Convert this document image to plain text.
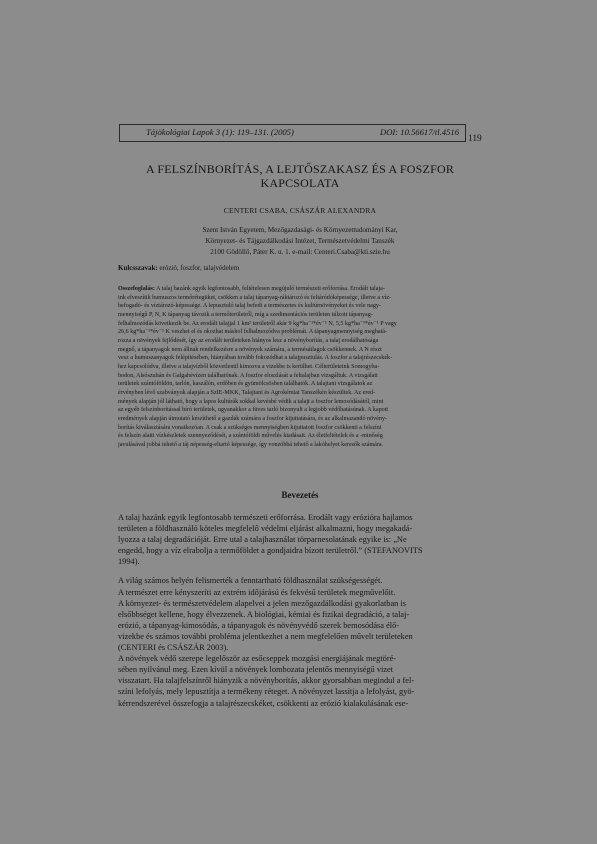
Tájökológiai Lapok 3 (1): 119–131. (2005)	DOI: 10.56617/tl.4516
119
A FELSZÍNBORÍTÁS, A LEJTŐSZAKASZ ÉS A FOSZFOR
KAPCSOLATA
CENTERI CSABA, CSÁSZÁR ALEXANDRA
Szent István Egyetem, Mezőgazdasági- és Környezettudományi Kar,
Környezet- és Tájgazdálkodási Intézet, Természetvédelmi Tanszék
2100 Gödöllő, Páter K. u. 1. e-mail: Centeri.Csaba@kti.szie.hu
Kulcsszavak: erózió, foszfor, talajvédelem
Összefoglalás: A talaj hazánk egyik legfontosabb, feltételesen megújuló természeti erőforrása. Erodált talaja-
ink elveszítik humuszos termőrétegüket, csökken a talaj tápanyag-ráktározó és feltáródóképessége, illetve a víz-
befogadó- és víztározó-képessége. A lepusztuló talaj befedi a természetes és kultúrnövényeket és vele nagy-
mennyiségű P, N, K tápanyag távozik a termőterületről, míg a szedimentációs területen túlzott tápanyag-
felhalmozódás következik be. Az erodált talajjal 1 km² területről akár 9 kg*ha⁻¹*év⁻¹ N, 5,5 kg*ha⁻¹*év⁻¹ P vagy
26,6 kg*ha⁻¹*év⁻¹ K veszhet el és okozhat máshol felhalmozódva problémát. A tápanyagmennyiség meghatá-
rozza a növények fejlődését, így az erodált területeken hiányos lesz a növényborítás, a talaj erodálhatósága
megnő, a tápanyagok nem állnak rendelkezésre a növények számára, a termésátlagok csökkennek. A N részt
vesz a humuszanyagok felépítésében, hiányában tovább fokozódhat a talajpusztulás. A foszfor a talajrészecskék-
hez kapcsolódva, illetve a talajvízből közvetlenül kimosva a vizekbe is kerülhet. Célterületeink Somogyba-
bodon, Alsószuhán és Galgahévízen találhatónak. A foszfor eloszlását a feltalajban vizsgáltuk. A vizsgálati
területek szántóföldön, tarlón, kaszálón, erdőben és gyümölcsösben találhatók. A talajtani vizsgálatok az
érvényben lévő szabványok alapján a SzIE-MKK, Talajtani és Agrokémiai Tanszékén készültek. Az ered-
mények alapján jól látható, hogy a lapos kultúrák sokkal kevésbé védik a talajt a foszfor lemosódásától, mint
az egyéb felszínborítással bíró területek, ugyanakkor a füves tarló bizonyult a legjobb védőhatásúnak. A kapott
eredmények alapján útmutató készíthető a gazdák számára a foszfor kijuttatására, és az alkalmazandó növény-
borítás kiválasztására vonatkozóan. A csak a szükséges mennyiségben kijuttatott foszfor csökkenti a felszíni
és felszín alatti vízkészletek szennyeződését, a szántóföldi művelés kiadásait. Az életfeltételek és a -minőség
javulásával jobbá tehető a táj népesség-eltartó képessége, így vonzóbbá tehető a lakóhelyet keresők számára.
Bevezetés
A talaj hazánk egyik legfontosabb természeti erőforrása. Erodált vagy erózióra hajlamos
területen a földhasználó köteles megfelelő védelmi eljárást alkalmazni, hogy megakadá-
lyozza a talaj degradációját. Erre utal a talajhasználat törparnesolatának egyike is: „Ne
engedd, hogy a víz elrabolja a termőföldet a gondjaidra bízott területről.” (STEFANOVITS
1994).
A világ számos helyén felismerték a fenntartható földhasználat szükségességét.
A természet erre kényszeríti az extrém időjárású és fekvésű területek megművelőit.
A környezet- és természetvédelem alapelvei a jelen mezőgazdálkodási gyakorlatban is
elsőbbséget kellene, hogy élvezzenek. A biológiai, kémiai és fizikai degradáció, a talaj-
erózió, a tápanyag-kimosódás, a tápanyagok és növényvédő szerek bemosódása élő-
vizekbe és számos további probléma jelentkezhet a nem megfelelően művelt területeken
(CENTERI és CSÁSZÁR 2003).
A növények védő szerepe legelőször az esőcseppek mozgási energiájának megtöré-
sében nyilvánul meg. Ezen kívül a növények lombozata jelentős mennyiségű vizet
visszatart. Ha talajfelszínről hiányzik a növényborítás, akkor gyorsabban megindul a fel-
színi lefolyás, mely lepusztítja a termékeny réteget. A növényzet lassítja a lefolyást, gyö-
kérrendszerével összefogja a talajrészecskéket, csökkenti az erózió kialakulásának ese-
